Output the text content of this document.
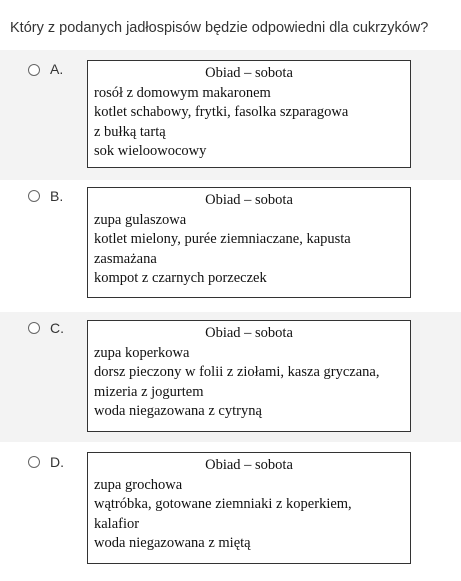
Który z podanych jadłospisów będzie odpowiedni dla cukrzyków?
A.	Obiad – sobota
rosół z domowym makaronem
kotlet schabowy, frytki, fasolka szparagowa
z bułką tartą
sok wieloowocowy
B.	Obiad – sobota
zupa gulaszowa
kotlet mielony, purée ziemniaczane, kapusta
zasmażana
kompot z czarnych porzeczek
C.	Obiad – sobota
zupa koperkowa
dorsz pieczony w folii z ziołami, kasza gryczana,
mizeria z jogurtem
woda niegazowana z cytryną
D.	Obiad – sobota
zupa grochowa
wątróbka, gotowane ziemniaki z koperkiem,
kalafior
woda niegazowana z miętą
